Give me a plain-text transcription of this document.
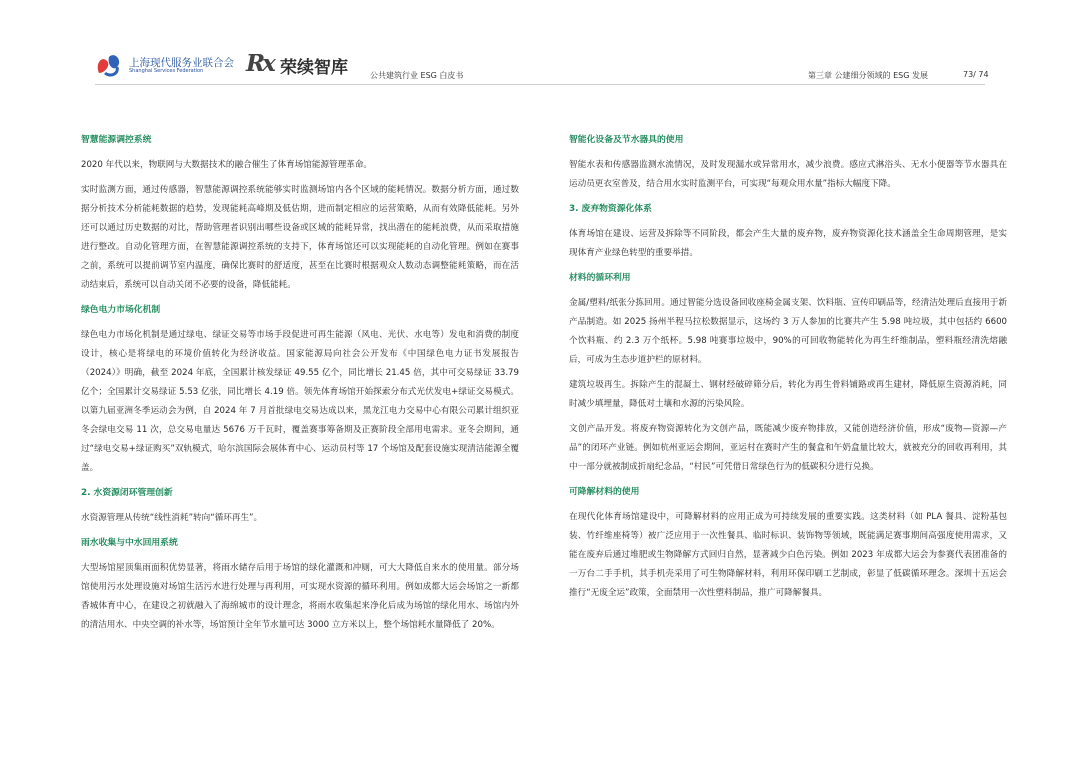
上海现代服务业联合会
Shanghai Services Federation Rx 荣续智库	公共建筑行业 ESG 白皮书	第三章 公建细分领域的 ESG 发展	73/ 74

智慧能源调控系统

2020 年代以来，物联网与大数据技术的融合催生了体育场馆能源管理革命。

实时监测方面，通过传感器，智慧能源调控系统能够实时监测场馆内各个区域的能耗情况。数据分析方面，通过数据分析技术分析能耗数据的趋势，发现能耗高峰期及低估期，进而制定相应的运营策略，从而有效降低能耗。另外还可以通过历史数据的对比，帮助管理者识别出哪些设备或区域的能耗异常，找出潜在的能耗浪费，从而采取措施进行整改。自动化管理方面，在智慧能源调控系统的支持下，体育场馆还可以实现能耗的自动化管理。例如在赛事之前，系统可以提前调节室内温度，确保比赛时的舒适度，甚至在比赛时根据观众人数动态调整能耗策略，而在活动结束后，系统可以自动关闭不必要的设备，降低能耗。

绿色电力市场化机制

绿色电力市场化机制是通过绿电、绿证交易等市场手段促进可再生能源（风电、光伏、水电等）发电和消费的制度设计，核心是将绿电的环境价值转化为经济收益。国家能源局向社会公开发布《中国绿色电力证书发展报告（2024）》明确，截至 2024 年底，全国累计核发绿证 49.55 亿个，同比增长 21.45 倍，其中可交易绿证 33.79 亿个；全国累计交易绿证 5.53 亿张，同比增长 4.19 倍。领先体育场馆开始探索分布式光伏发电+绿证交易模式。以第九届亚洲冬季运动会为例，自 2024 年 7 月首批绿电交易达成以来，黑龙江电力交易中心有限公司累计组织亚冬会绿电交易 11 次，总交易电量达 5676 万千瓦时，覆盖赛事筹备期及正赛阶段全部用电需求。亚冬会期间，通过“绿电交易+绿证购买”双轨模式，哈尔滨国际会展体育中心、运动员村等 17 个场馆及配套设施实现清洁能源全覆盖。

2. 水资源闭环管理创新

水资源管理从传统“线性消耗”转向“循环再生”。

雨水收集与中水回用系统

大型场馆屋顶集雨面积优势显著，将雨水储存后用于场馆的绿化灌溉和冲厕，可大大降低自来水的使用量。部分场馆使用污水处理设施对场馆生活污水进行处理与再利用，可实现水资源的循环利用。例如成都大运会场馆之一新都香城体育中心，在建设之初就融入了海绵城市的设计理念，将雨水收集起来净化后成为场馆的绿化用水、场馆内外的清洁用水、中央空调的补水等，场馆预计全年节水量可达 3000 立方米以上，整个场馆耗水量降低了 20%。

智能化设备及节水器具的使用

智能水表和传感器监测水流情况，及时发现漏水或异常用水，减少浪费。感应式淋浴头、无水小便器等节水器具在运动员更衣室普及，结合用水实时监测平台，可实现“每观众用水量”指标大幅度下降。

3. 废弃物资源化体系

体育场馆在建设、运营及拆除等不同阶段，都会产生大量的废弃物，废弃物资源化技术涵盖全生命周期管理，是实现体育产业绿色转型的重要举措。

材料的循环利用

金属/塑料/纸张分拣回用。通过智能分选设备回收座椅金属支架、饮料瓶、宣传印刷品等，经清洁处理后直接用于新产品制造。如 2025 扬州半程马拉松数据显示，这场约 3 万人参加的比赛共产生 5.98 吨垃圾，其中包括约 6600 个饮料瓶、约 2.3 万个纸杯。5.98 吨赛事垃圾中，90%的可回收物能转化为再生纤维制品，塑料瓶经清洗熔融后，可成为生态步道护栏的原材料。

建筑垃圾再生。拆除产生的混凝土、钢材经破碎筛分后，转化为再生骨料铺路或再生建材，降低原生资源消耗，同时减少填埋量，降低对土壤和水源的污染风险。

文创产品开发。将废弃物资源转化为文创产品，既能减少废弃物排放，又能创造经济价值，形成“废物—资源—产品”的闭环产业链。例如杭州亚运会期间，亚运村在赛时产生的餐盒和午奶盒量比较大，就被充分的回收再利用，其中一部分就被制成折扇纪念品，“村民”可凭借日常绿色行为的低碳积分进行兑换。

可降解材料的使用

在现代化体育场馆建设中，可降解材料的应用正成为可持续发展的重要实践。这类材料（如 PLA 餐具、淀粉基包装、竹纤维座椅等）被广泛应用于一次性餐具、临时标识、装饰物等领域，既能满足赛事期间高强度使用需求，又能在废弃后通过堆肥或生物降解方式回归自然，显著减少白色污染。例如 2023 年成都大运会为参赛代表团准备的一万台二手手机，其手机壳采用了可生物降解材料，利用环保印刷工艺制成，彰显了低碳循环理念。深圳十五运会推行“无废全运”政策，全面禁用一次性塑料制品，推广可降解餐具。
